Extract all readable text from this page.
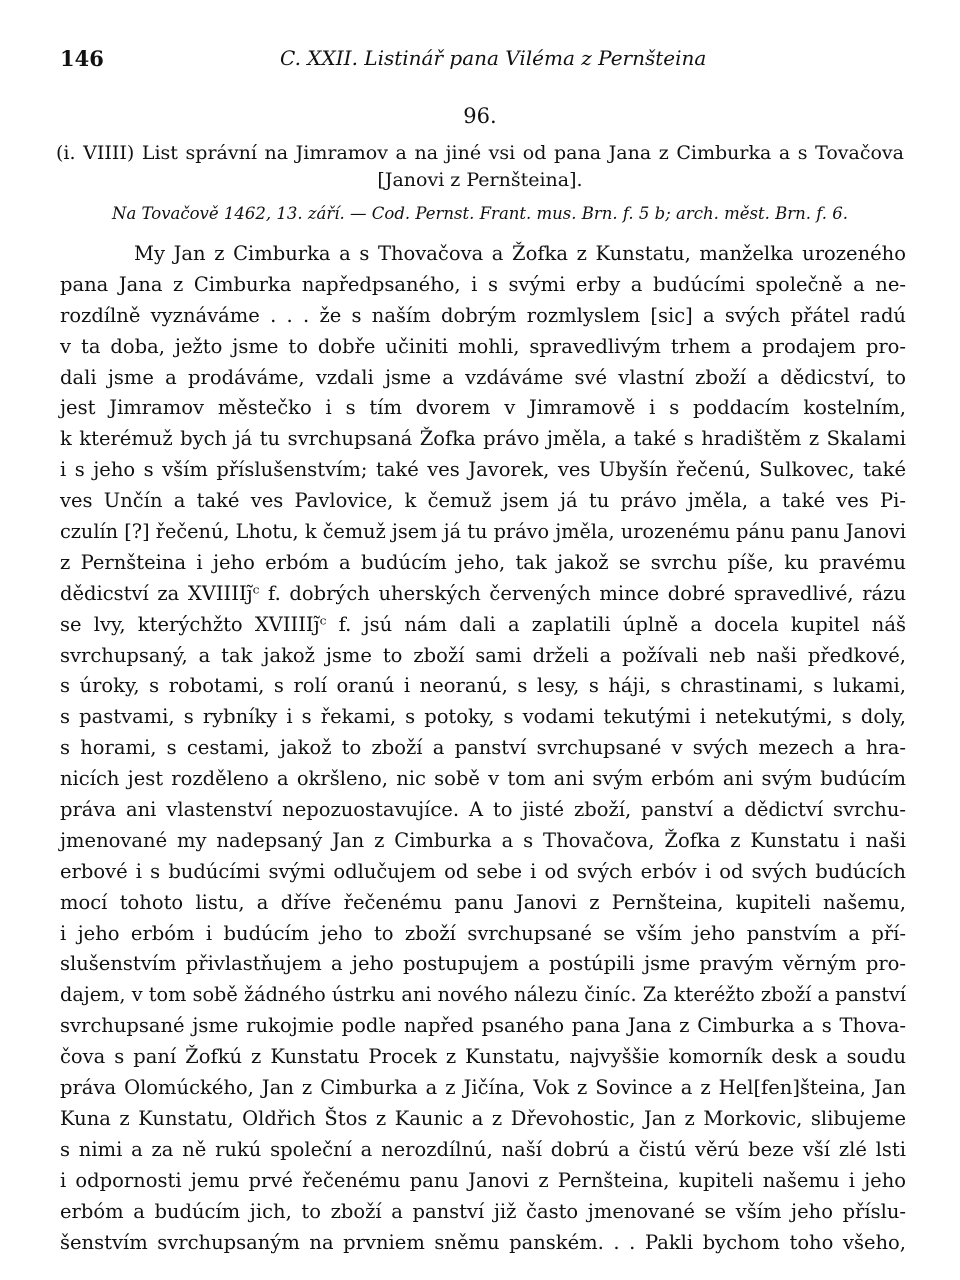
146	C. XXII. Listinář pana Viléma z Pernšteina
96.
(i. VIIII) List správní na Jimramov a na jiné vsi od pana Jana z Cimburka a s Tovačova
[Janovi z Pernšteina].
Na Tovačově 1462, 13. září. — Cod. Pernst. Frant. mus. Brn. f. 5 b; arch. měst. Brn. f. 6.
My Jan z Cimburka a s Thovačova a Žofka z Kunstatu, manželka urozeného
pana Jana z Cimburka napředpsaného, i s svými erby a budúcími společně a ne-
rozdílně vyznáváme . . . že s naším dobrým rozmlyslem [sic] a svých přátel radú
v ta doba, ježto jsme to dobře učiniti mohli, spravedlivým trhem a prodajem pro-
dali jsme a prodáváme, vzdali jsme a vzdáváme své vlastní zboží a dědicství, to
jest Jimramov městečko i s tím dvorem v Jimramově i s poddacím kostelním,
k kterémuž bych já tu svrchupsaná Žofka právo jměla, a také s hradištěm z Skalami
i s jeho s vším příslušenstvím; také ves Javorek, ves Ubyšín řečenú, Sulkovec, také
ves Unčín a také ves Pavlovice, k čemuž jsem já tu právo jměla, a také ves Pi-
czulín [?] řečenú, Lhotu, k čemuž jsem já tu právo jměla, urozenému pánu panu Janovi
z Pernšteina i jeho erbóm a budúcím jeho, tak jakož se svrchu píše, ku pravému
dědicství za XVIIIIȷ̃ᶜ f. dobrých uherských červených mince dobré spravedlivé, rázu
se lvy, kterýchžto XVIIIIȷ̃ᶜ f. jsú nám dali a zaplatili úplně a docela kupitel náš
svrchupsaný, a tak jakož jsme to zboží sami drželi a požívali neb naši předkové,
s úroky, s robotami, s rolí oranú i neoranú, s lesy, s háji, s chrastinami, s lukami,
s pastvami, s rybníky i s řekami, s potoky, s vodami tekutými i netekutými, s doly,
s horami, s cestami, jakož to zboží a panství svrchupsané v svých mezech a hra-
nicích jest rozděleno a okršleno, nic sobě v tom ani svým erbóm ani svým budúcím
práva ani vlastenství nepozuostavujíce. A to jisté zboží, panství a dědictví svrchu-
jmenované my nadepsaný Jan z Cimburka a s Thovačova, Žofka z Kunstatu i naši
erbové i s budúcími svými odlučujem od sebe i od svých erbóv i od svých budúcích
mocí tohoto listu, a dříve řečenému panu Janovi z Pernšteina, kupiteli našemu,
i jeho erbóm i budúcím jeho to zboží svrchupsané se vším jeho panstvím a pří-
slušenstvím přivlastňujem a jeho postupujem a postúpili jsme pravým věrným pro-
dajem, v tom sobě žádného ústrku ani nového nálezu činíc. Za kteréžto zboží a panství
svrchupsané jsme rukojmie podle napřed psaného pana Jana z Cimburka a s Thova-
čova s paní Žofkú z Kunstatu Procek z Kunstatu, najvyššie komorník desk a soudu
práva Olomúckého, Jan z Cimburka a z Jičína, Vok z Sovince a z Hel[fen]šteina, Jan
Kuna z Kunstatu, Oldřich Štos z Kaunic a z Dřevohostic, Jan z Morkovic, slibujeme
s nimi a za ně rukú společní a nerozdílnú, naší dobrú a čistú věrú beze vší zlé lsti
i odpornosti jemu prvé řečenému panu Janovi z Pernšteina, kupiteli našemu i jeho
erbóm a budúcím jich, to zboží a panství již často jmenované se vším jeho příslu-
šenstvím svrchupsaným na prvniem sněmu panském. . . Pakli bychom toho všeho,
